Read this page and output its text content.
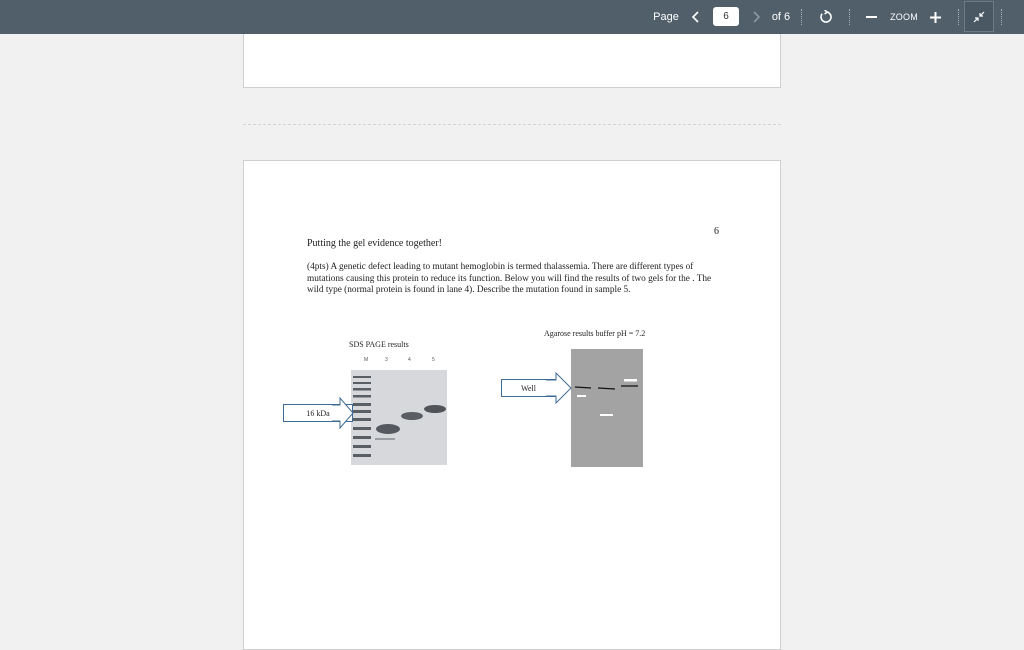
Page
6	of 6	ZOOM
6
Putting the gel evidence together!
(4pts) A genetic defect leading to mutant hemoglobin is termed thalassemia. There are different types of mutations causing this protein to reduce its function. Below you will find the results of two gels for the . The wild type (normal protein is found in lane 4). Describe the mutation found in sample 5.
SDS PAGE results
M	3	4	5
16 kDa
Agarose results buffer pH = 7.2
Well
